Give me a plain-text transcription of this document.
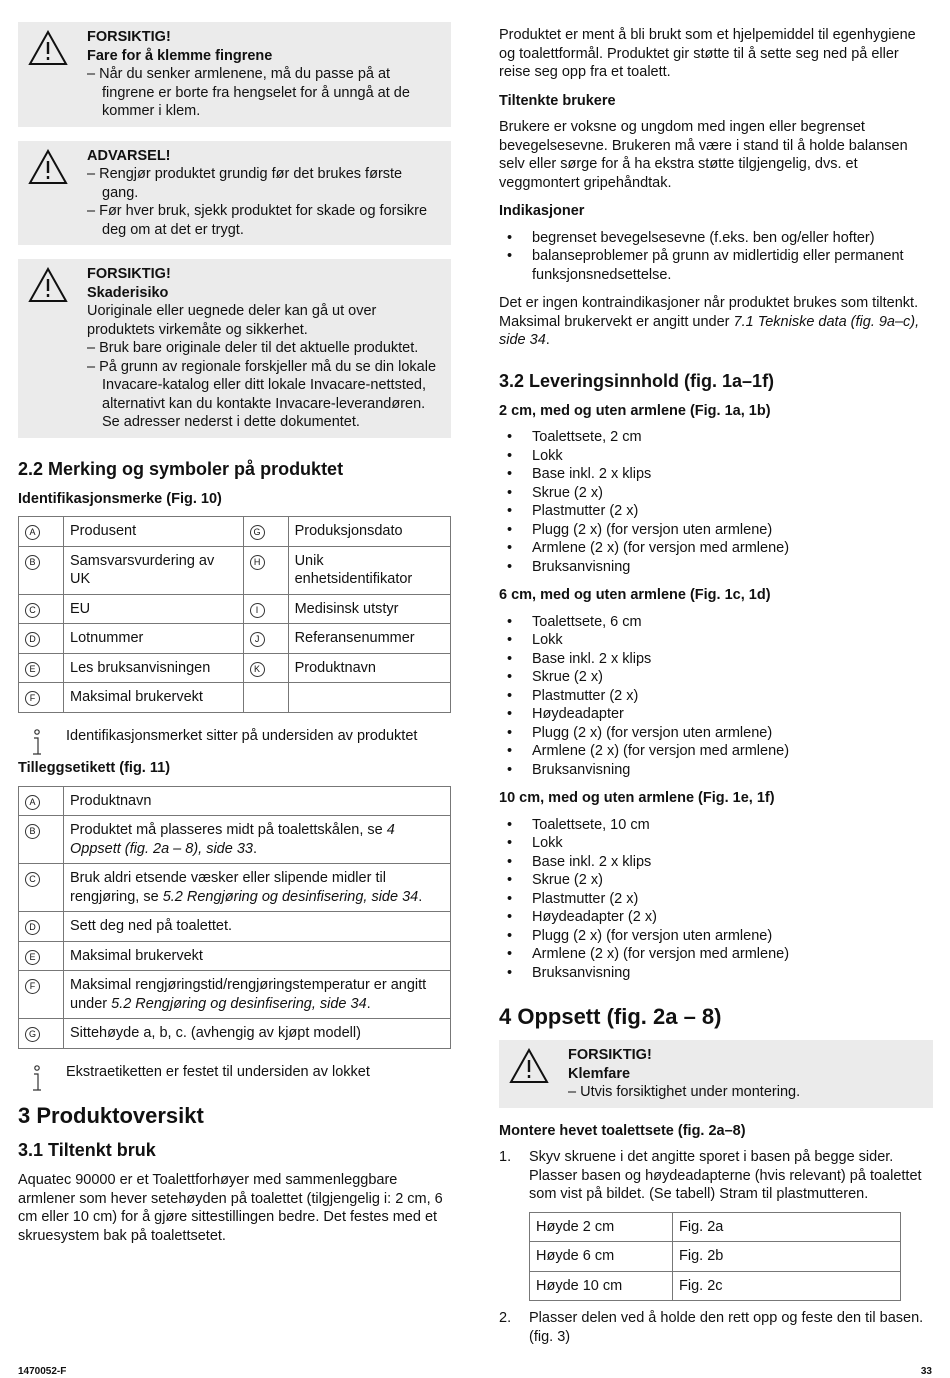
FORSIKTIG!
Fare for å klemme fingrene
– Når du senker armlenene, må du passe på at fingrene er borte fra hengselet for å unngå at de kommer i klem.
ADVARSEL!
– Rengjør produktet grundig før det brukes første gang.
– Før hver bruk, sjekk produktet for skade og forsikre deg om at det er trygt.
FORSIKTIG!
Skaderisiko
Uoriginale eller uegnede deler kan gå ut over produktets virkemåte og sikkerhet.
– Bruk bare originale deler til det aktuelle produktet.
– På grunn av regionale forskjeller må du se din lokale Invacare-katalog eller ditt lokale Invacare-nettsted, alternativt kan du kontakte Invacare-leverandøren. Se adresser nederst i dette dokumentet.
2.2 Merking og symboler på produktet
Identifikasjonsmerke (Fig. 10)
A	Produsent	G	Produksjonsdato
B	Samsvarsvurdering av UK	H	Unik enhetsidentifikator
C	EU	I	Medisinsk utstyr
D	Lotnummer	J	Referansenummer
E	Les bruksanvisningen	K	Produktnavn
F	Maksimal brukervekt		
Identifikasjonsmerket sitter på undersiden av produktet
Tilleggsetikett (fig. 11)
A	Produktnavn
B	Produktet må plasseres midt på toalettskålen, se 4 Oppsett (fig. 2a – 8), side 33.
C	Bruk aldri etsende væsker eller slipende midler til rengjøring, se 5.2 Rengjøring og desinfisering, side 34.
D	Sett deg ned på toalettet.
E	Maksimal brukervekt
F	Maksimal rengjøringstid/rengjøringstemperatur er angitt under 5.2 Rengjøring og desinfisering, side 34.
G	Sittehøyde a, b, c. (avhengig av kjøpt modell)
Ekstraetiketten er festet til undersiden av lokket
3 Produktoversikt
3.1 Tiltenkt bruk

Aquatec 90000 er et Toalettforhøyer med sammenleggbare armlener som hever setehøyden på toalettet (tilgjengelig i: 2 cm, 6 cm eller 10 cm) for å gjøre sittestillingen bedre. Det festes med et skruesystem bak på toalettsetet.

Produktet er ment å bli brukt som et hjelpemiddel til egenhygiene og toalettformål. Produktet gir støtte til å sette seg ned på eller reise seg opp fra et toalett.

Tiltenkte brukere

Brukere er voksne og ungdom med ingen eller begrenset bevegelsesevne. Brukeren må være i stand til å holde balansen selv eller sørge for å ha ekstra støtte tilgjengelig, dvs. et veggmontert gripehåndtak.

Indikasjoner
• begrenset bevegelsesevne (f.eks. ben og/eller hofter)
• balanseproblemer på grunn av midlertidig eller permanent funksjonsnedsettelse.

Det er ingen kontraindikasjoner når produktet brukes som tiltenkt. Maksimal brukervekt er angitt under 7.1 Tekniske data (fig. 9a–c), side 34.

3.2 Leveringsinnhold (fig. 1a–1f)
2 cm, med og uten armlene (Fig. 1a, 1b)
• Toalettsete, 2 cm
• Lokk
• Base inkl. 2 x klips
• Skrue (2 x)
• Plastmutter (2 x)
• Plugg (2 x) (for versjon uten armlene)
• Armlene (2 x) (for versjon med armlene)
• Bruksanvisning
6 cm, med og uten armlene (Fig. 1c, 1d)
• Toalettsete, 6 cm
• Lokk
• Base inkl. 2 x klips
• Skrue (2 x)
• Plastmutter (2 x)
• Høydeadapter
• Plugg (2 x) (for versjon uten armlene)
• Armlene (2 x) (for versjon med armlene)
• Bruksanvisning
10 cm, med og uten armlene (Fig. 1e, 1f)
• Toalettsete, 10 cm
• Lokk
• Base inkl. 2 x klips
• Skrue (2 x)
• Plastmutter (2 x)
• Høydeadapter (2 x)
• Plugg (2 x) (for versjon uten armlene)
• Armlene (2 x) (for versjon med armlene)
• Bruksanvisning
4 Oppsett (fig. 2a – 8)
FORSIKTIG!
Klemfare
– Utvis forsiktighet under montering.
Montere hevet toalettsete (fig. 2a–8)
1. Skyv skruene i det angitte sporet i basen på begge sider. Plasser basen og høydeadapterne (hvis relevant) på toalettet som vist på bildet. (Se tabell) Stram til plastmutteren.
Høyde 2 cm	Fig. 2a
Høyde 6 cm	Fig. 2b
Høyde 10 cm	Fig. 2c
2. Plasser delen ved å holde den rett opp og feste den til basen. (fig. 3)
1470052-F	33
